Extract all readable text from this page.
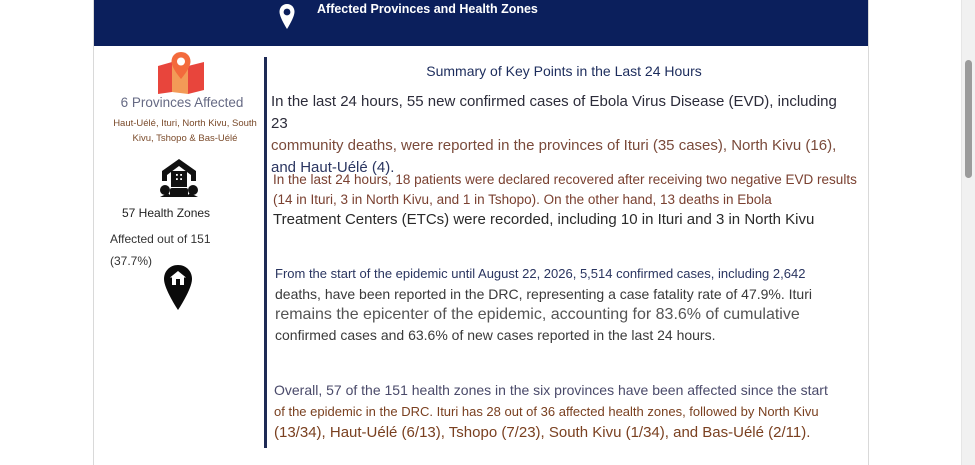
Affected Provinces and Health Zones
6 Provinces Affected
Haut-Uélé, Ituri, North Kivu, South Kivu, Tshopo & Bas-Uélé
57 Health Zones
Affected out of 151
(37.7%)
Summary of Key Points in the Last 24 Hours

In the last 24 hours, 55 new confirmed cases of Ebola Virus Disease (EVD), including 23
community deaths, were reported in the provinces of Ituri (35 cases), North Kivu (16),
and Haut-Uélé (4).

In the last 24 hours, 18 patients were declared recovered after receiving two negative EVD results (14 in Ituri, 3 in North Kivu, and 1 in Tshopo). On the other hand, 13 deaths in Ebola
Treatment Centers (ETCs) were recorded, including 10 in Ituri and 3 in North Kivu

From the start of the epidemic until August 22, 2026, 5,514 confirmed cases, including 2,642
deaths, have been reported in the DRC, representing a case fatality rate of 47.9%. Ituri
remains the epicenter of the epidemic, accounting for 83.6% of cumulative
confirmed cases and 63.6% of new cases reported in the last 24 hours.

Overall, 57 of the 151 health zones in the six provinces have been affected since the start
of the epidemic in the DRC. Ituri has 28 out of 36 affected health zones, followed by North Kivu
(13/34), Haut-Uélé (6/13), Tshopo (7/23), South Kivu (1/34), and Bas-Uélé (2/11).
